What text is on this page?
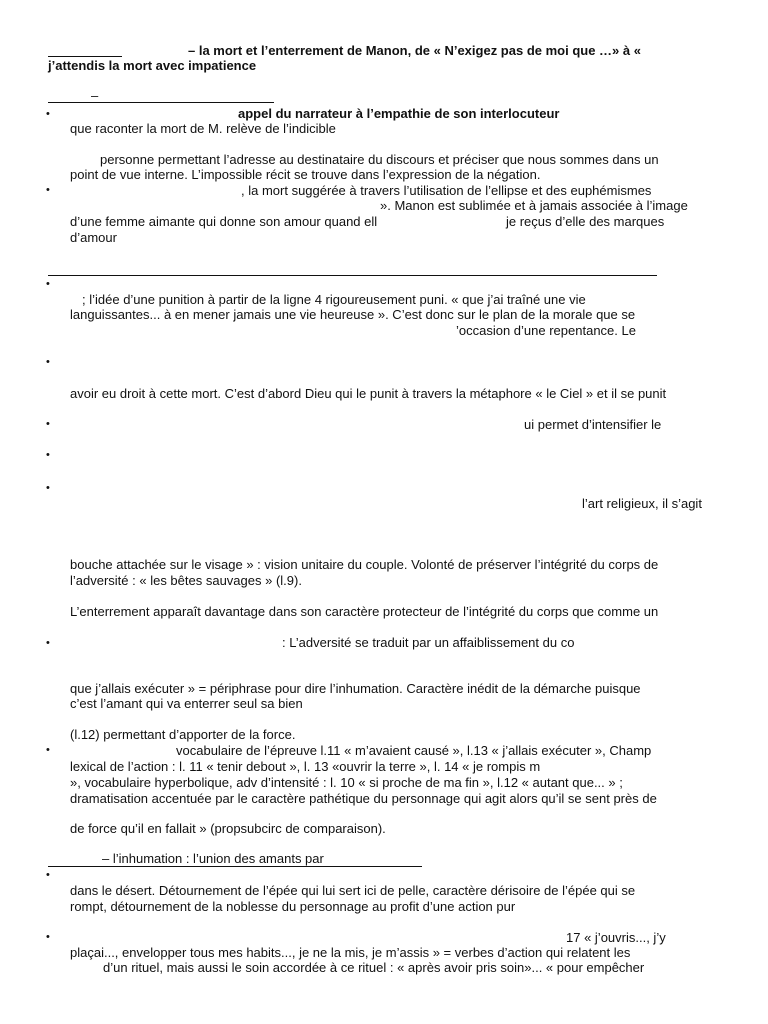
– la mort et l’enterrement de Manon, de « N’exigez pas de moi que …» à «
j’attendis la mort avec impatience
–
•	appel du narrateur à l’empathie de son interlocuteur
que raconter la mort de M. relève de l’indicible
personne permettant l’adresse au destinataire du discours et préciser que nous sommes dans un
point de vue interne. L’impossible récit se trouve dans l’expression de la négation.
•	, la mort suggérée à travers l’utilisation de l’ellipse et des euphémismes
». Manon est sublimée et à jamais associée à l’image
d’une femme aimante qui donne son amour quand ell	je reçus d’elle des marques
d’amour
•
; l’idée d’une punition à partir de la ligne 4 rigoureusement puni. « que j’ai traîné une vie
languissantes... à en mener jamais une vie heureuse ». C’est donc sur le plan de la morale que se
’occasion d’une repentance. Le
•
avoir eu droit à cette mort. C’est d’abord Dieu qui le punit à travers la métaphore « le Ciel » et il se punit
•	ui permet d’intensifier le
•
•
l’art religieux, il s’agit
bouche attachée sur le visage » : vision unitaire du couple. Volonté de préserver l’intégrité du corps de
l’adversité : « les bêtes sauvages » (l.9).
L’enterrement apparaît davantage dans son caractère protecteur de l’intégrité du corps que comme un
•	: L’adversité se traduit par un affaiblissement du co
que j’allais exécuter » = périphrase pour dire l’inhumation. Caractère inédit de la démarche puisque
c’est l’amant qui va enterrer seul sa bien
(l.12) permettant d’apporter de la force.
•	vocabulaire de l’épreuve l.11 « m’avaient causé », l.13 « j’allais exécuter », Champ
lexical de l’action : l. 11 « tenir debout », l. 13 «ouvrir la terre », l. 14 « je rompis m
», vocabulaire hyperbolique, adv d’intensité : l. 10 « si proche de ma fin », l.12 « autant que... » ;
dramatisation accentuée par le caractère pathétique du personnage qui agit alors qu’il se sent près de
de force qu’il en fallait » (propsubcirc de comparaison).
– l’inhumation : l’union des amants par
•
dans le désert. Détournement de l’épée qui lui sert ici de pelle, caractère dérisoire de l’épée qui se
rompt, détournement de la noblesse du personnage au profit d’une action pur
•	17 « j’ouvris..., j’y
plaçai..., envelopper tous mes habits..., je ne la mis, je m’assis » = verbes d’action qui relatent les
d’un rituel, mais aussi le soin accordée à ce rituel : « après avoir pris soin»... « pour empêcher
